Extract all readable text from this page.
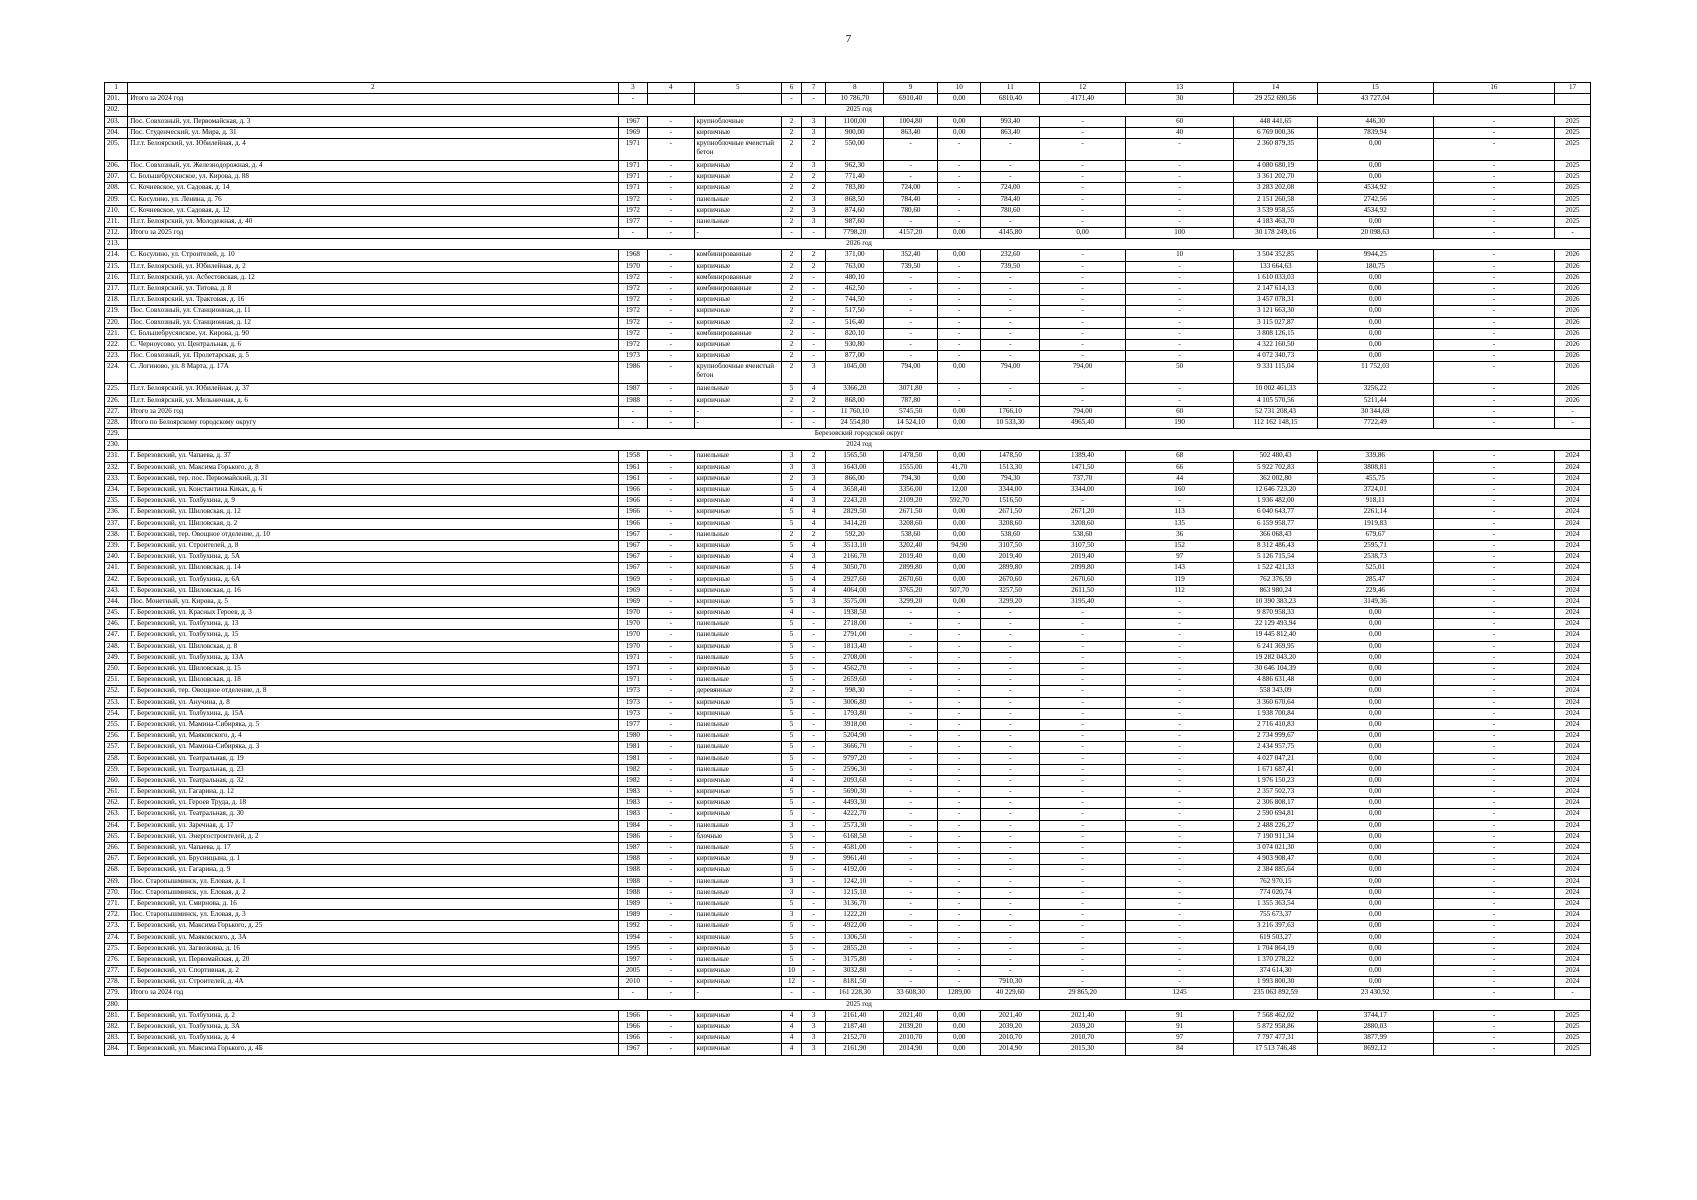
7
1	2	3	4	5	6	7	8	9	10	11	12	13	14	15	16	17
201.	Итого за 2024 год	-			-	-	10 786,70	6910,40	0,00	6810,40	4171,40	30	29 252 690,56	43 727,04		
202.	2025 год															
203.	Пос. Совхозный, ул. Первомайская, д. 3	1967	-	крупноблочные	2	3	1100,00	1004,80	0,00	993,40	-	60	448 441,65	446,30	-	2025
204.	Пос. Студенческий, ул. Мира, д. 31	1969	-	кирпичные	2	3	900,00	863,40	0,00	863,40	-	40	6 769 000,36	7839,94	-	2025
205.	П.г.т. Белоярский, ул. Юбилейная, д. 4	1971	-	крупноблочные ячеистый бетон	2	2	550,00	-	-	-	-	-	2 360 879,35	0,00	-	2025
206.	Пос. Совхозный, ул. Железнодорожная, д. 4	1971	-	кирпичные	2	3	962,30	-	-	-	-	-	4 080 680,19	0,00	-	2025
207.	С. Большебрусянское, ул. Кирова, д. 88	1971	-	кирпичные	2	2	771,40	-	-	-	-	-	3 361 202,70	0,00	-	2025
208.	С. Кочневское, ул. Садовая, д. 14	1971	-	кирпичные	2	2	783,80	724,00	-	724,00	-	-	3 283 202,08	4534,92	-	2025
209.	С. Косулино, ул. Ленина, д. 76	1972	-	панельные	2	3	868,50	784,40	-	784,40	-	-	2 151 260,58	2742,56	-	2025
210.	С. Кочневское, ул. Садовая, д. 12	1972	-	кирпичные	2	3	874,60	780,60	-	780,60	-	-	3 539 958,55	4534,92	-	2025
211.	П.г.т. Белоярский, ул. Молодежная, д. 40	1977	-	панельные	2	3	987,60	-	-	-	-	-	4 183 463,70	0,00	-	2025
212.	Итого за 2025 год	-	-	-	-	-	7798,20	4157,20	0,00	4145,80	0,00	100	30 178 249,16	20 098,63	-	-
213.	2026 год															
214.	С. Косулино, ул. Строителей, д. 10	1968	-	комбинированные	2	2	371,00	352,40	0,00	232,60	-	10	3 504 352,85	9944,25	-	2026
215.	П.г.т. Белоярский, ул. Юбилейная, д. 2	1970	-	кирпичные	2	2	763,00	739,50	-	739,50	-	-	133 664,63	180,75	-	2026
216.	П.г.т. Белоярский, ул. Асбестовская, д. 12	1972	-	комбинированные	2	-	480,10	-	-	-	-	-	1 610 033,03	0,00	-	2026
217.	П.г.т. Белоярский, ул. Титова, д. 8	1972	-	комбинированные	2	-	462,50	-	-	-	-	-	2 147 614,13	0,00	-	2026
218.	П.г.т. Белоярский, ул. Трактовая, д. 16	1972	-	кирпичные	2	-	744,50	-	-	-	-	-	3 457 078,31	0,00	-	2026
219.	Пос. Совхозный, ул. Станционная, д. 11	1972	-	кирпичные	2	-	517,50	-	-	-	-	-	3 121 663,30	0,00	-	2026
220.	Пос. Совхозный, ул. Станционная, д. 12	1972	-	кирпичные	2	-	516,40	-	-	-	-	-	3 115 027,87	0,00	-	2026
221.	С. Большебрусянское, ул. Кирова, д. 90	1972	-	комбинированные	2	-	820,10	-	-	-	-	-	3 808 126,15	0,00	-	2026
222.	С. Черноусово, ул. Центральная, д. 6	1972	-	кирпичные	2	-	930,80	-	-	-	-	-	4 322 160,50	0,00	-	2026
223.	Пос. Совхозный, ул. Пролетарская, д. 5	1973	-	кирпичные	2	-	877,00	-	-	-	-	-	4 072 340,73	0,00	-	2026
224.	С. Логиново, ул. 8 Марта, д. 17А	1986	-	крупноблочные ячеистый бетон	2	3	1045,00	794,00	0,00	794,00	794,00	50	9 331 115,04	11 752,03	-	2026
225.	П.г.т. Белоярский, ул. Юбилейная, д. 37	1987	-	панельные	5	4	3366,20	3071,80	-	-	-	-	10 002 461,33	3256,22	-	2026
226.	П.г.т. Белоярский, ул. Мельничная, д. 6	1988	-	кирпичные	2	2	868,00	787,80	-	-	-	-	4 105 570,56	5211,44	-	2026
227.	Итого за 2026 год	-	-	-	-	-	11 760,10	5745,50	0,00	1766,10	794,00	60	52 731 208,43	30 344,69	-	-
228.	Итого по Белоярскому городскому округу	-	-	-	-	-	24 554,80	14 524,10	0,00	10 533,30	4965,40	190	112 162 148,15	7722,49	-	-
229.	Березовский городской округ															
230.	2024 год															
231.	Г. Березовский, ул. Чапаева, д. 37	1958	-	панельные	3	2	1565,50	1478,50	0,00	1478,50	1389,40	68	502 480,43	339,86	-	2024
232.	Г. Березовский, ул. Максима Горького, д. 8	1961	-	кирпичные	3	3	1643,00	1555,00	41,70	1513,30	1471,50	66	5 922 702,83	3808,81	-	2024
233.	Г. Березовский, тер. пос. Первомайский, д. 31	1961	-	кирпичные	2	3	866,00	794,30	0,00	794,30	737,70	44	362 002,80	455,75	-	2024
234.	Г. Березовский, ул. Константина Киках, д. 6	1966	-	кирпичные	5	4	3658,40	3356,00	12,00	3344,00	3344,00	160	12 646 723,20	3724,01	-	2024
235.	Г. Березовский, ул. Толбухина, д. 9	1966	-	кирпичные	4	3	2243,20	2109,20	592,70	1516,50	-	-	1 936 482,00	918,11	-	2024
236.	Г. Березовский, ул. Шиловская, д. 12	1966	-	кирпичные	5	4	2829,50	2671,50	0,00	2671,50	2671,20	113	6 040 643,77	2261,14	-	2024
237.	Г. Березовский, ул. Шиловская, д. 2	1966	-	кирпичные	5	4	3414,20	3208,60	0,00	3208,60	3208,60	135	6 159 958,77	1919,83	-	2024
238.	Г. Березовский, тер. Овощное отделение, д. 10	1967	-	панельные	2	2	592,20	538,60	0,00	538,60	538,60	36	366 068,43	679,67	-	2024
239.	Г. Березовский, ул. Строителей, д. 8	1967	-	кирпичные	5	4	3513,10	3202,40	94,90	3107,50	3107,50	152	8 312 486,43	2595,71	-	2024
240.	Г. Березовский, ул. Толбухина, д. 5А	1967	-	кирпичные	4	3	2166,70	2019,40	0,00	2019,40	2019,40	97	5 126 715,54	2538,73	-	2024
241.	Г. Березовский, ул. Шиловская, д. 14	1967	-	кирпичные	5	4	3050,70	2899,80	0,00	2899,80	2099,80	143	1 522 421,33	525,01	-	2024
242.	Г. Березовский, ул. Толбухина, д. 6А	1969	-	кирпичные	5	4	2927,60	2670,60	0,00	2670,60	2670,60	119	762 376,59	285,47	-	2024
243.	Г. Березовский, ул. Шиловская, д. 16	1969	-	кирпичные	5	4	4064,00	3765,20	507,70	3257,50	2611,50	112	863 980,24	229,46	-	2024
244.	Пос. Монетный, ул. Кирова, д. 5	1969	-	кирпичные	5	3	3575,00	3299,20	0,00	3299,20	3195,40	-	10 390 383,23	3149,36	-	2024
245.	Г. Березовский, ул. Красных Героев, д. 3	1970	-	кирпичные	4	-	1938,50	-	-	-	-	-	9 870 958,33	0,00	-	2024
246.	Г. Березовский, ул. Толбухина, д. 13	1970	-	панельные	5	-	2718,00	-	-	-	-	-	22 129 493,94	0,00	-	2024
247.	Г. Березовский, ул. Толбухина, д. 15	1970	-	панельные	5	-	2791,00	-	-	-	-	-	19 445 812,40	0,00	-	2024
248.	Г. Березовский, ул. Шиловская, д. 8	1970	-	кирпичные	5	-	1813,40	-	-	-	-	-	6 241 369,95	0,00	-	2024
249.	Г. Березовский, ул. Толбухина, д. 13А	1971	-	панельные	5	-	2708,00	-	-	-	-	-	19 282 043,20	0,00	-	2024
250.	Г. Березовский, ул. Шиловская, д. 15	1971	-	кирпичные	5	-	4562,70	-	-	-	-	-	30 646 104,39	0,00	-	2024
251.	Г. Березовский, ул. Шиловская, д. 18	1971	-	панельные	5	-	2659,60	-	-	-	-	-	4 886 631,48	0,00	-	2024
252.	Г. Березовский, тер. Овощное отделение, д. 8	1973	-	деревянные	2	-	998,30	-	-	-	-	-	558 343,09	0,00	-	2024
253.	Г. Березовский, ул. Анучина, д. 8	1973	-	кирпичные	5	-	3006,80	-	-	-	-	-	3 360 670,64	0,00	-	2024
254.	Г. Березовский, ул. Толбухина, д. 15А	1973	-	кирпичные	5	-	1793,80	-	-	-	-	-	1 938 700,84	0,00	-	2024
255.	Г. Березовский, ул. Мамина-Сибиряка, д. 5	1977	-	панельные	5	-	3918,00	-	-	-	-	-	2 716 410,83	0,00	-	2024
256.	Г. Березовский, ул. Маяковского, д. 4	1980	-	панельные	5	-	5204,90	-	-	-	-	-	2 734 999,67	0,00	-	2024
257.	Г. Березовский, ул. Мамина-Сибиряка, д. 3	1981	-	панельные	5	-	3666,70	-	-	-	-	-	2 434 957,75	0,00	-	2024
258.	Г. Березовский, ул. Театральная, д. 19	1981	-	панельные	5	-	9797,20	-	-	-	-	-	4 027 047,21	0,00	-	2024
259.	Г. Березовский, ул. Театральная, д. 23	1982	-	панельные	5	-	2596,30	-	-	-	-	-	1 671 687,41	0,00	-	2024
260.	Г. Березовский, ул. Театральная, д. 32	1982	-	кирпичные	4	-	2093,60	-	-	-	-	-	1 976 150,23	0,00	-	2024
261.	Г. Березовский, ул. Гагарина, д. 12	1983	-	кирпичные	5	-	5690,30	-	-	-	-	-	2 357 502,73	0,00	-	2024
262.	Г. Березовский, ул. Героев Труда, д. 18	1983	-	кирпичные	5	-	4493,30	-	-	-	-	-	2 306 808,17	0,00	-	2024
263.	Г. Березовский, ул. Театральная, д. 30	1983	-	кирпичные	5	-	4222,70	-	-	-	-	-	2 590 694,81	0,00	-	2024
264.	Г. Березовский, ул. Заречная, д. 17	1984	-	панельные	3	-	2573,30	-	-	-	-	-	2 488 226,27	0,00	-	2024
265.	Г. Березовский, ул. Энергостроителей, д. 2	1986	-	блочные	5	-	6168,50	-	-	-	-	-	7 190 911,34	0,00	-	2024
266.	Г. Березовский, ул. Чапаева, д. 17	1987	-	панельные	5	-	4581,00	-	-	-	-	-	3 074 021,30	0,00	-	2024
267.	Г. Березовский, ул. Брусницына, д. 1	1988	-	кирпичные	9	-	9961,40	-	-	-	-	-	4 903 908,47	0,00	-	2024
268.	Г. Березовский, ул. Гагарина, д. 9	1988	-	кирпичные	5	-	4192,00	-	-	-	-	-	2 384 885,64	0,00	-	2024
269.	Пос. Старопышминск, ул. Еловая, д. 1	1988	-	панельные	3	-	1242,10	-	-	-	-	-	762 970,15	0,00	-	2024
270.	Пос. Старопышминск, ул. Еловая, д. 2	1988	-	панельные	3	-	1215,10	-	-	-	-	-	774 020,74	0,00	-	2024
271.	Г. Березовский, ул. Смирнова, д. 16	1989	-	панельные	5	-	3136,70	-	-	-	-	-	1 355 363,54	0,00	-	2024
272.	Пос. Старопышминск, ул. Еловая, д. 3	1989	-	панельные	3	-	1222,20	-	-	-	-	-	755 673,37	0,00	-	2024
273.	Г. Березовский, ул. Максима Горького, д. 25	1992	-	панельные	5	-	4922,00	-	-	-	-	-	3 216 397,63	0,00	-	2024
274.	Г. Березовский, ул. Маяковского, д. 3А	1994	-	кирпичные	5	-	1306,50	-	-	-	-	-	619 503,27	0,00	-	2024
275.	Г. Березовский, ул. Загвозкина, д. 16	1995	-	кирпичные	5	-	2855,20	-	-	-	-	-	1 704 864,19	0,00	-	2024
276.	Г. Березовский, ул. Первомайская, д. 20	1997	-	панельные	5	-	3175,80	-	-	-	-	-	1 370 278,22	0,00	-	2024
277.	Г. Березовский, ул. Спортивная, д. 2	2005	-	кирпичные	10	-	3032,80	-	-	-	-	-	374 614,30	0,00	-	2024
278.	Г. Березовский, ул. Строителей, д. 4А	2010	-	кирпичные	12	-	8181,50	-	-	7910,30	-	-	1 993 800,30	0,00	-	2024
279.	Итого за 2024 год	-	-	-	-	-	161 228,30	33 608,30	1289,00	40 229,60	29 865,20	1245	235 063 892,59	23 430,92	-	-
280.	2025 год															
281.	Г. Березовский, ул. Толбухина, д. 2	1966	-	кирпичные	4	3	2161,40	2021,40	0,00	2021,40	2021,40	91	7 568 462,02	3744,17	-	2025
282.	Г. Березовский, ул. Толбухина, д. 3А	1966	-	кирпичные	4	3	2187,40	2039,20	0,00	2039,20	2039,20	91	5 872 958,86	2880,03	-	2025
283.	Г. Березовский, ул. Толбухина, д. 4	1966	-	кирпичные	4	3	2152,70	2010,70	0,00	2010,70	2010,70	97	7 797 477,31	3877,99	-	2025
284.	Г. Березовский, ул. Максима Горького, д. 4Б	1967	-	кирпичные	4	3	2161,90	2014,90	0,00	2014,90	2015,30	84	17 513 746,48	8692,12	-	2025
